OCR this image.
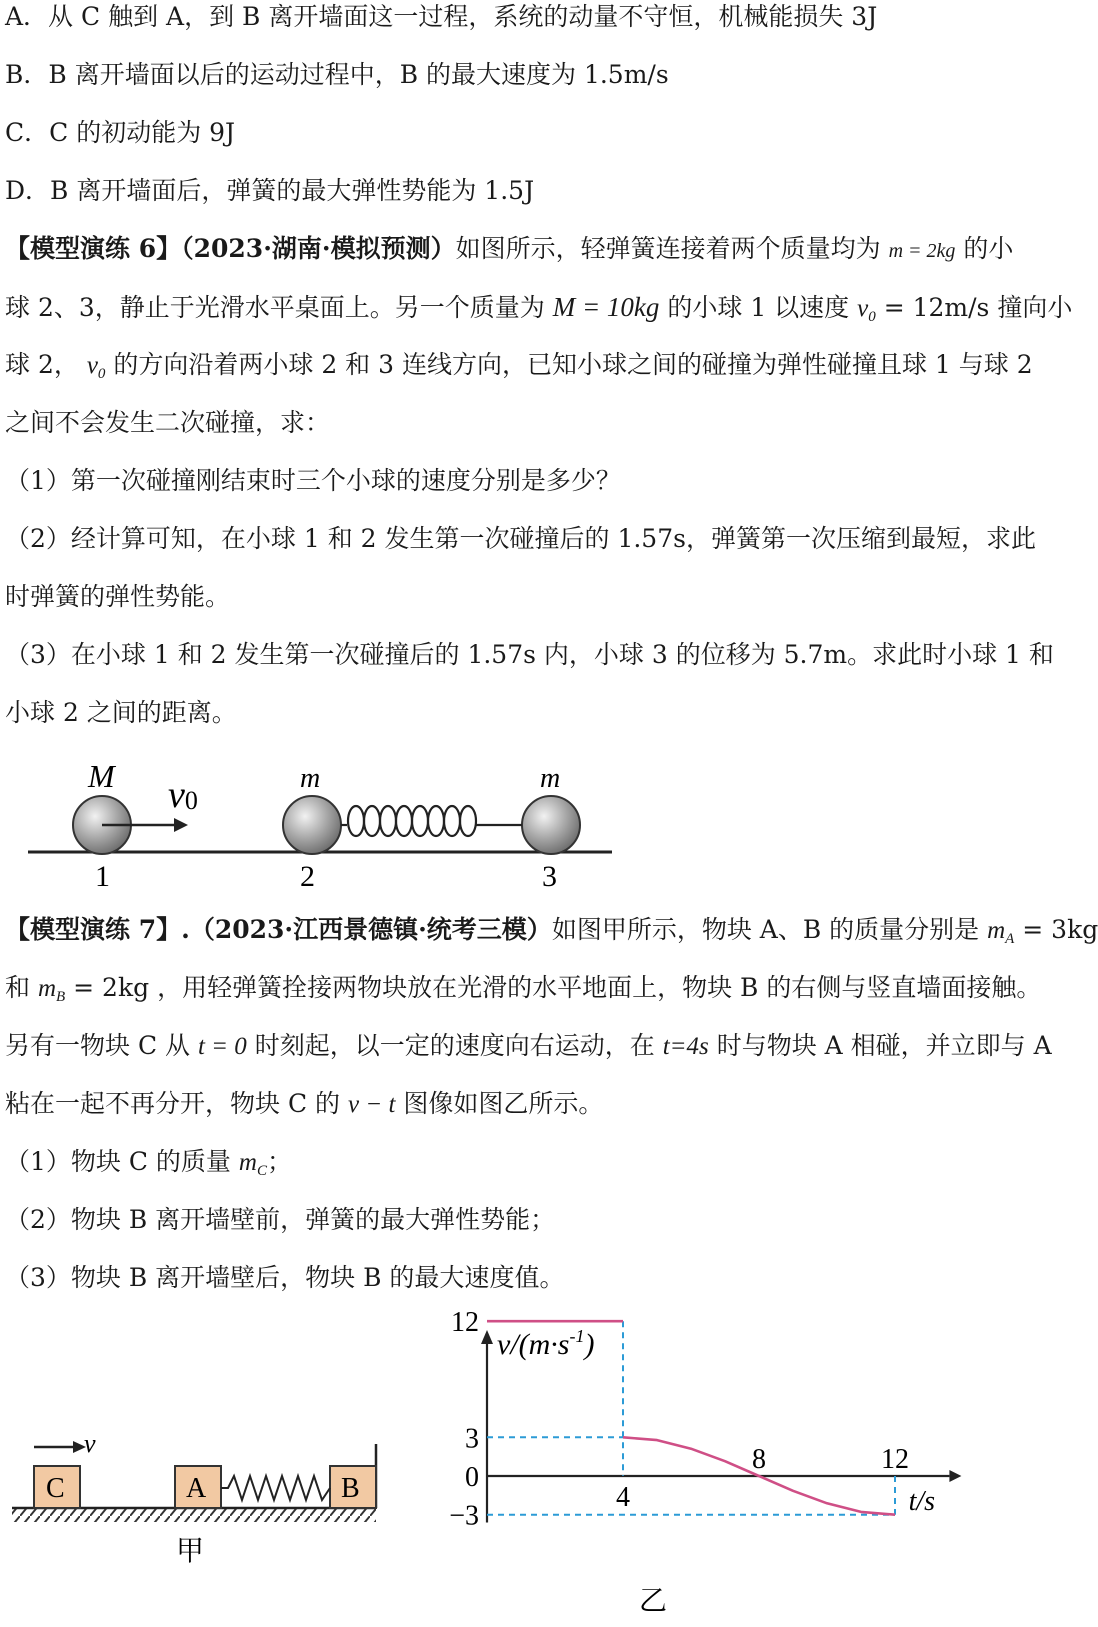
A．从 C 触到 A，到 B 离开墙面这一过程，系统的动量不守恒，机械能损失 3J
B．B 离开墙面以后的运动过程中，B 的最大速度为 1.5m/s
C．C 的初动能为 9J
D．B 离开墙面后，弹簧的最大弹性势能为 1.5J
【模型演练 6】（2023·湖南·模拟预测）如图所示，轻弹簧连接着两个质量均为 m = 2kg 的小
球 2、3，静止于光滑水平桌面上。另一个质量为 M = 10kg 的小球 1 以速度 $v_0 = 12m/s$ 撞向小
球 2， $v_0$ 的方向沿着两小球 2 和 3 连线方向，已知小球之间的碰撞为弹性碰撞且球 1 与球 2
之间不会发生二次碰撞，求：
（1）第一次碰撞刚结束时三个小球的速度分别是多少？
（2）经计算可知，在小球 1 和 2 发生第一次碰撞后的 1.57s，弹簧第一次压缩到最短，求此
时弹簧的弹性势能。
（3）在小球 1 和 2 发生第一次碰撞后的 1.57s 内，小球 3 的位移为 5.7m。求此时小球 1 和
小球 2 之间的距离。
M v0
m	m
1	2	3
【模型演练 7】.（2023·江西景德镇·统考三模）如图甲所示，物块 A、B 的质量分别是 $m_A = 3kg$
和 $m_B = 2kg$ ，用轻弹簧拴接两物块放在光滑的水平地面上，物块 B 的右侧与竖直墙面接触。
另有一物块 C 从 t = 0 时刻起，以一定的速度向右运动，在 t=4s 时与物块 A 相碰，并立即与 A
粘在一起不再分开，物块 C 的 v − t 图像如图乙所示。
（1）物块 C 的质量 $m_C$；
（2）物块 B 离开墙壁前，弹簧的最大弹性势能；
（3）物块 B 离开墙壁后，物块 B 的最大速度值。
v
C	A	B
甲
$v/(m\cdot s^{-1})$
t/s
12
3
0
−3
4
8	12
乙
